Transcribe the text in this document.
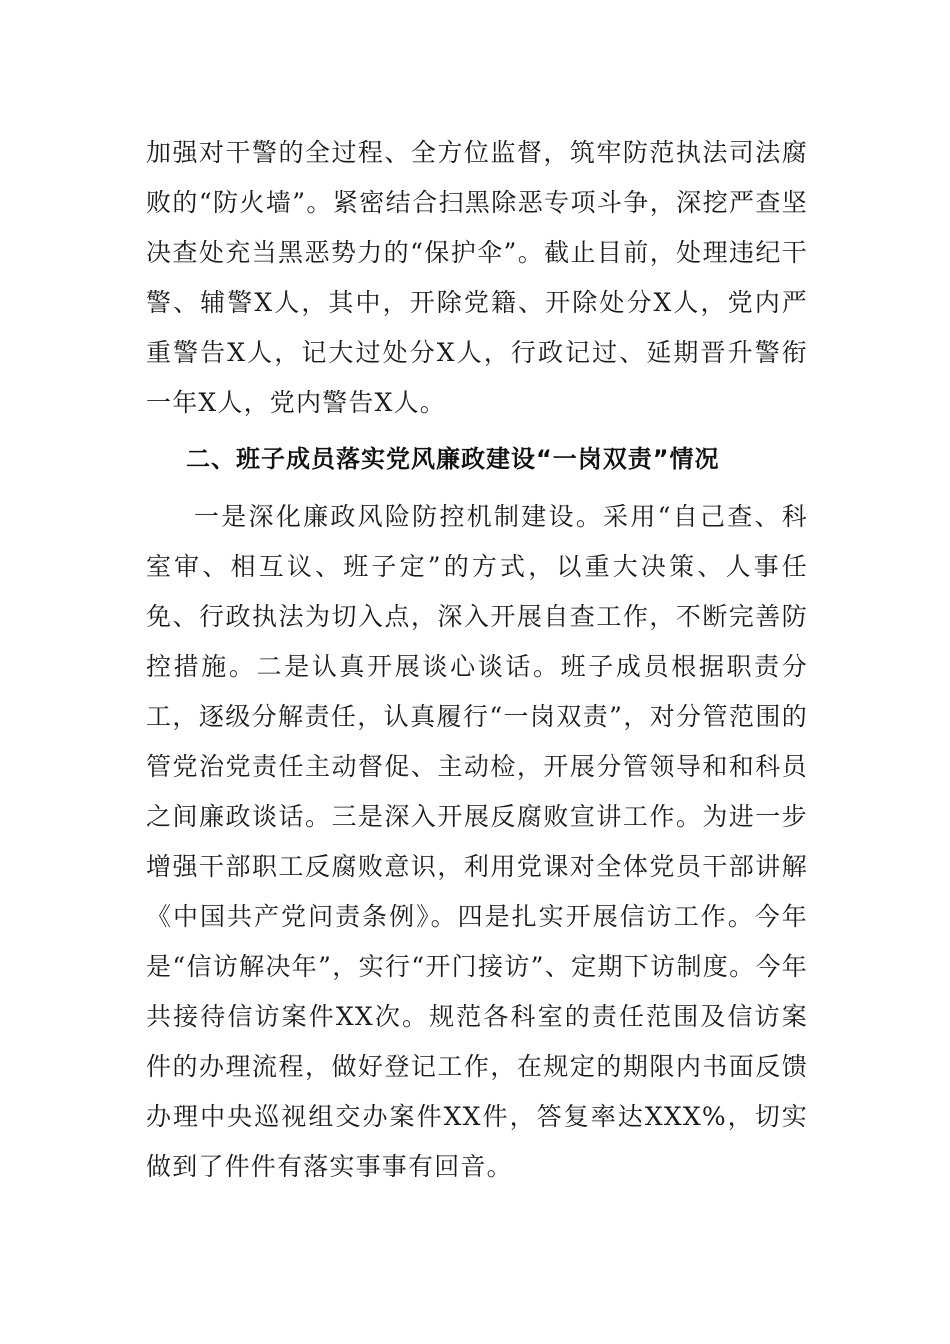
加强对干警的全过程、全方位监督，筑牢防范执法司法腐败的“防火墙”。紧密结合扫黑除恶专项斗争，深挖严查坚决查处充当黑恶势力的“保护伞”。截止目前，处理违纪干警、辅警X人，其中，开除党籍、开除处分X人，党内严重警告X人，记大过处分X人，行政记过、延期晋升警衔一年X人，党内警告X人。

二、班子成员落实党风廉政建设“一岗双责”情况

一是深化廉政风险防控机制建设。采用“自己查、科室审、相互议、班子定”的方式，以重大决策、人事任免、行政执法为切入点，深入开展自查工作，不断完善防控措施。二是认真开展谈心谈话。班子成员根据职责分工，逐级分解责任，认真履行“一岗双责”，对分管范围的管党治党责任主动督促、主动检，开展分管领导和和科员之间廉政谈话。三是深入开展反腐败宣讲工作。为进一步增强干部职工反腐败意识，利用党课对全体党员干部讲解《中国共产党问责条例》。四是扎实开展信访工作。今年是“信访解决年”，实行“开门接访”、定期下访制度。今年共接待信访案件XX次。规范各科室的责任范围及信访案件的办理流程，做好登记工作，在规定的期限内书面反馈办理中央巡视组交办案件XX件，答复率达XXX%，切实做到了件件有落实事事有回音。
